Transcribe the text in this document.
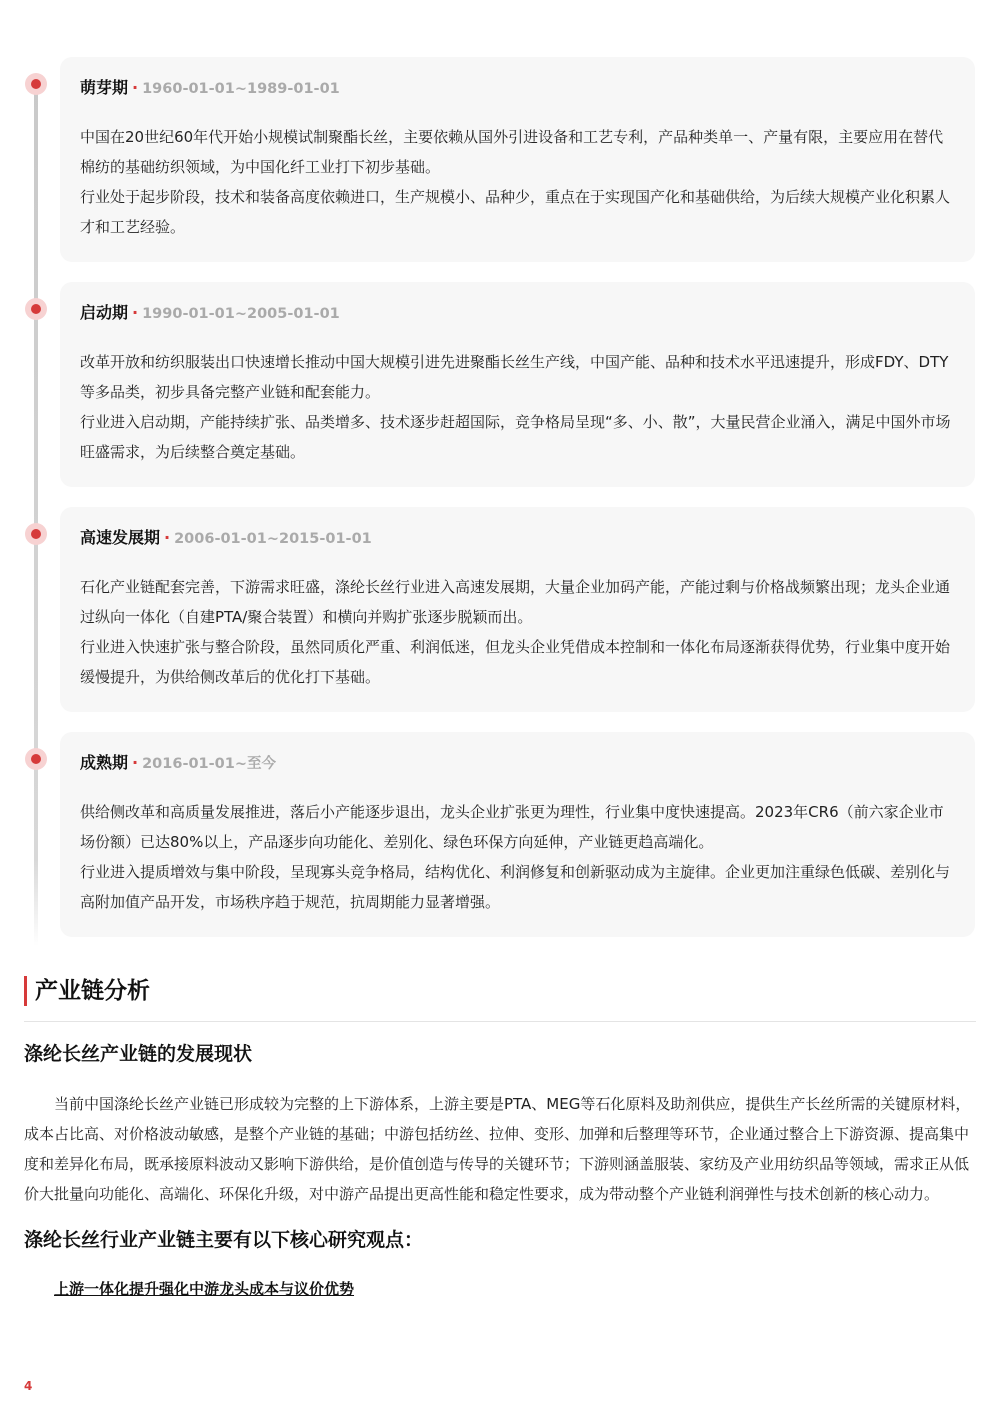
萌芽期 · 1960-01-01~1989-01-01

中国在20世纪60年代开始小规模试制聚酯长丝，主要依赖从国外引进设备和工艺专利，产品种类单一、产量有限，主要应用在替代棉纺的基础纺织领域，为中国化纤工业打下初步基础。

行业处于起步阶段，技术和装备高度依赖进口，生产规模小、品种少，重点在于实现国产化和基础供给，为后续大规模产业化积累人才和工艺经验。

启动期 · 1990-01-01~2005-01-01

改革开放和纺织服装出口快速增长推动中国大规模引进先进聚酯长丝生产线，中国产能、品种和技术水平迅速提升，形成FDY、DTY等多品类，初步具备完整产业链和配套能力。

行业进入启动期，产能持续扩张、品类增多、技术逐步赶超国际，竞争格局呈现“多、小、散”，大量民营企业涌入，满足中国外市场旺盛需求，为后续整合奠定基础。

高速发展期 · 2006-01-01~2015-01-01

石化产业链配套完善，下游需求旺盛，涤纶长丝行业进入高速发展期，大量企业加码产能，产能过剩与价格战频繁出现；龙头企业通过纵向一体化（自建PTA/聚合装置）和横向并购扩张逐步脱颖而出。

行业进入快速扩张与整合阶段，虽然同质化严重、利润低迷，但龙头企业凭借成本控制和一体化布局逐渐获得优势，行业集中度开始缓慢提升，为供给侧改革后的优化打下基础。

成熟期 · 2016-01-01~至今

供给侧改革和高质量发展推进，落后小产能逐步退出，龙头企业扩张更为理性，行业集中度快速提高。2023年CR6（前六家企业市场份额）已达80%以上，产品逐步向功能化、差别化、绿色环保方向延伸，产业链更趋高端化。

行业进入提质增效与集中阶段，呈现寡头竞争格局，结构优化、利润修复和创新驱动成为主旋律。企业更加注重绿色低碳、差别化与高附加值产品开发，市场秩序趋于规范，抗周期能力显著增强。

产业链分析
涤纶长丝产业链的发展现状

当前中国涤纶长丝产业链已形成较为完整的上下游体系，上游主要是PTA、MEG等石化原料及助剂供应，提供生产长丝所需的关键原材料，成本占比高、对价格波动敏感，是整个产业链的基础；中游包括纺丝、拉伸、变形、加弹和后整理等环节，企业通过整合上下游资源、提高集中度和差异化布局，既承接原料波动又影响下游供给，是价值创造与传导的关键环节；下游则涵盖服装、家纺及产业用纺织品等领域，需求正从低价大批量向功能化、高端化、环保化升级，对中游产品提出更高性能和稳定性要求，成为带动整个产业链利润弹性与技术创新的核心动力。

涤纶长丝行业产业链主要有以下核心研究观点：
上游一体化提升强化中游龙头成本与议价优势
4
